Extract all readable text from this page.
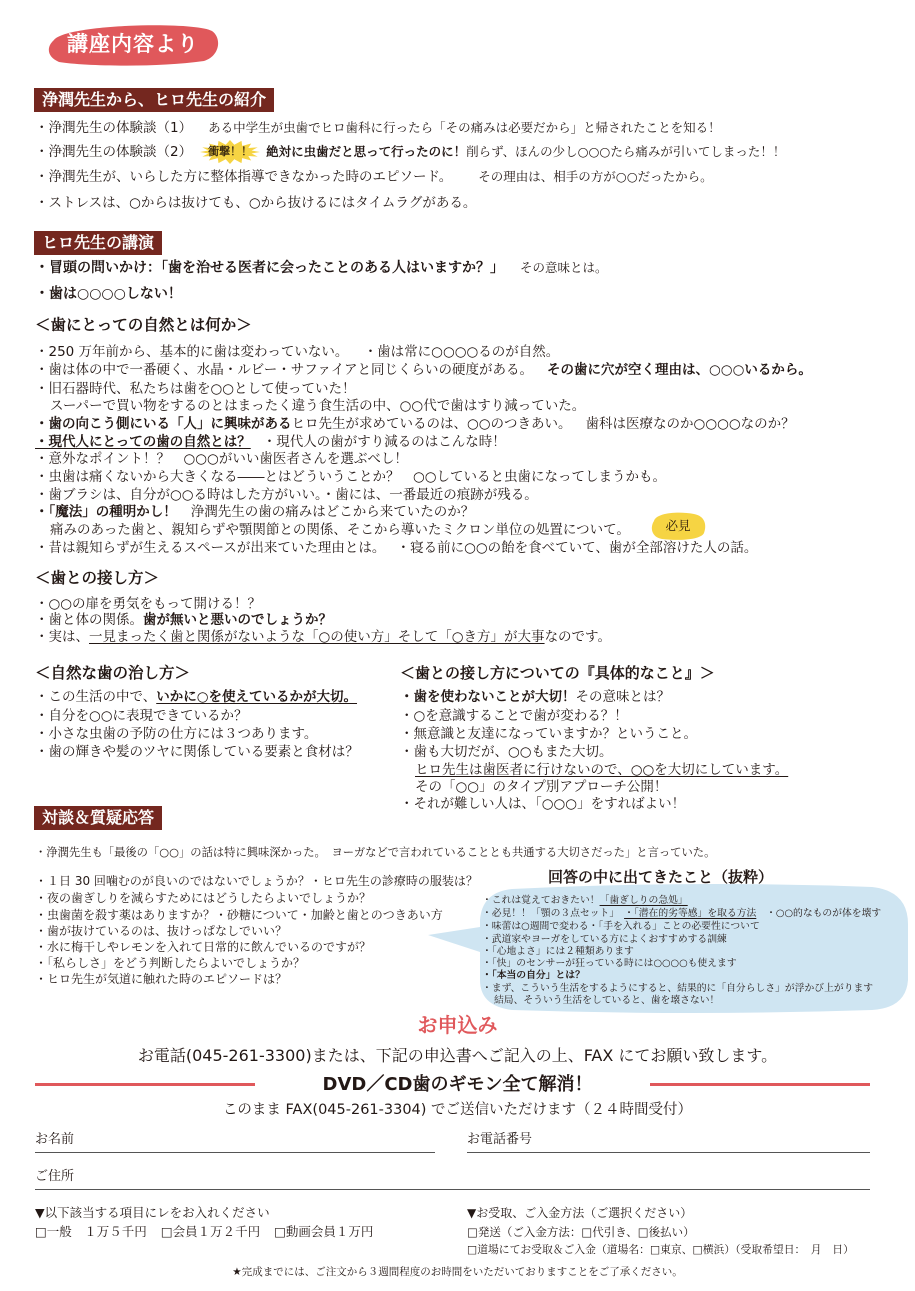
講座内容より
浄潤先生から、ヒロ先生の紹介
・浄潤先生の体験談（1） ある中学生が虫歯でヒロ歯科に行ったら「その痛みは必要だから」と帰されたことを知る！
・浄潤先生の体験談（2）	衝撃！！	絶対に虫歯だと思って行ったのに！削らず、ほんの少し○○○たら痛みが引いてしまった！！
・浄潤先生が、いらした方に整体指導できなかった時のエピソード。 その理由は、相手の方が○○だったから。
・ストレスは、○からは抜けても、○から抜けるにはタイムラグがある。
ヒロ先生の講演
・冒頭の問いかけ：「歯を治せる医者に会ったことのある人はいますか？」 その意味とは。
・歯は○○○○しない！
＜歯にとっての自然とは何か＞
・250 万年前から、基本的に歯は変わっていない。 ・歯は常に○○○○るのが自然。
・歯は体の中で一番硬く、水晶・ルビー・サファイアと同じくらいの硬度がある。 その歯に穴が空く理由は、○○○いるから。
・旧石器時代、私たちは歯を○○として使っていた！
スーパーで買い物をするのとはまったく違う食生活の中、○○代で歯はすり減っていた。
・歯の向こう側にいる「人」に興味があるヒロ先生が求めているのは、○○のつきあい。 歯科は医療なのか○○○○なのか？
・現代人にとっての歯の自然とは？ ・現代人の歯がすり減るのはこんな時！
・意外なポイント！？　○○○がいい歯医者さんを選ぶべし！
・虫歯は痛くないから大きくなる――とはどういうことか？　○○していると虫歯になってしまうかも。
・歯ブラシは、自分が○○る時はした方がいい。・歯には、一番最近の痕跡が残る。
・「魔法」の種明かし！ 浄潤先生の歯の痛みはどこから来ていたのか？
痛みのあった歯と、親知らずや顎関節との関係、そこから導いたミクロン単位の処置について。	必見
・昔は親知らずが生えるスペースが出来ていた理由とは。 ・寝る前に○○の飴を食べていて、歯が全部溶けた人の話。
＜歯との接し方＞
・○○の扉を勇気をもって開ける！？
・歯と体の関係。歯が無いと悪いのでしょうか？
・実は、一見まったく歯と関係がないような「○の使い方」そして「○き方」が大事なのです。
＜自然な歯の治し方＞
・この生活の中で、いかに○を使えているかが大切。
・自分を○○に表現できているか？
・小さな虫歯の予防の仕方には３つあります。
・歯の輝きや髪のツヤに関係している要素と食材は？
＜歯との接し方についての『具体的なこと』＞
・歯を使わないことが大切！その意味とは？
・○を意識することで歯が変わる？！
・無意識と友達になっていますか？ということ。
・歯も大切だが、○○もまた大切。
ヒロ先生は歯医者に行けないので、○○を大切にしています。
その「○○」のタイプ別アプローチ公開！
・それが難しい人は、「○○○」をすればよい！
対談＆質疑応答
・浄潤先生も「最後の「○○」の話は特に興味深かった。　ヨーガなどで言われていることとも共通する大切さだった」と言っていた。
・１日 30 回噛むのが良いのではないでしょうか？・ヒロ先生の診療時の服装は？
・夜の歯ぎしりを減らすためにはどうしたらよいでしょうか？
・虫歯菌を殺す薬はありますか？・砂糖について・加齢と歯とのつきあい方
・歯が抜けているのは、抜けっぱなしでいい？
・水に梅干しやレモンを入れて日常的に飲んでいるのですが？
・「私らしさ」をどう判断したらよいでしょうか？
・ヒロ先生が気道に触れた時のエピソードは？
回答の中に出てきたこと（抜粋）
・これは覚えておきたい！「歯ぎしりの急処」
・必見！！「顎の３点セット」　・「潜在的劣等感」を取る方法　・○○的なものが体を壊す
・味蕾は○週間で変わる・「手を入れる」ことの必要性について
・武道家やヨーガをしている方によくおすすめする訓練
・「心地よさ」には２種類あります
・「快」のセンサーが狂っている時には○○○○も使えます
・「本当の自分」とは？
・まず、こういう生活をするようにすると、結果的に「自分らしさ」が浮かび上がります
結局、そういう生活をしていると、歯を壊さない！
お申込み
お電話(045-261-3300)または、下記の申込書へご記入の上、FAX にてお願い致します。
DVD／CD歯のギモン全て解消！
このまま FAX(045-261-3304) でご送信いただけます（２４時間受付）
お名前	お電話番号
ご住所
▼以下該当する項目にレをお入れください
□一般　１万５千円 □会員１万２千円 □動画会員１万円
▼お受取、ご入金方法（ご選択ください）
□発送（ご入金方法：□代引き、□後払い）
□道場にてお受取＆ご入金（道場名：□東京、□横浜）（受取希望日：　月　日）
★完成までには、ご注文から３週間程度のお時間をいただいておりますことをご了承ください。
